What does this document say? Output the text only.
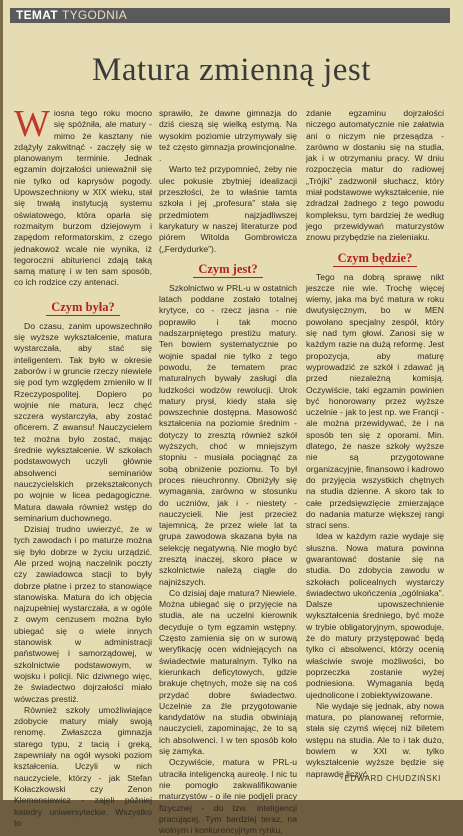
TEMAT TYGODNIA
Matura zmienną jest

Wiosna tego roku mocno się spóźniła, ale matury - mimo że kasztany nie zdążyły zakwitnąć - zaczęły się w planowanym terminie. Jednak egzamin dojrzałości unieważnił się nie tylko od kaprysów pogody. Upowszechniony w XIX wieku, stał się trwałą instytucją systemu oświatowego, która oparła się rozmaitym burzom dziejowym i zapędom reformatorskim, z czego jednakowoż wcale nie wynika, iż tegoroczni abiturienci zdają taką samą maturę i w ten sam sposób, co ich rodzice czy antenaci.

Czym była?

Do czasu, zanim upowszechniło się wyższe wykształcenie, matura wystarczała, aby stać się inteligentem. Tak było w okresie zaborów i w gruncie rzeczy niewiele się pod tym względem zmieniło w II Rzeczypospolitej. Dopiero po wojnie nie matura, lecz chęć szczera wystarczyła, aby zostać oficerem. Z awansu! Nauczycielem też można było zostać, mając średnie wykształcenie. W szkołach podstawowych uczyli głównie absolwenci seminariów nauczycielskich przekształconych po wojnie w licea pedagogiczne. Matura dawała również wstęp do seminarium duchownego.

Dzisiaj trudno uwierzyć, że w tych zawodach i po maturze można się było dobrze w życiu urządzić. Ale przed wojną naczelnik poczty czy zawiadowca stacji to były dobrze płatne i przez to stanowiące stanowiska. Matura do ich objęcia najzupełniej wystarczała, a w ogóle z owym cenzusem można było ubiegać się o wiele innych stanowisk w administracji państwowej i samorządowej, w szkolnictwie podstawowym, w wojsku i policji. Nic dziwnego więc, że świadectwo dojrzałości miało wówczas prestiż.

Również szkoły umożliwiające zdobycie matury miały swoją renomę. Zwłaszcza gimnazja starego typu, z tacią i greką, zapewniały na ogół wysoki poziom kształcenia. Uczyli w nich nauczyciele, którzy - jak Stefan Kołaczkowski czy Zenon Klemensiewicz - zajęli później katedry uniwersyteckie. Wszystko to

sprawiło, że dawne gimnazja do dziś cieszą się wielką estymą. Na wysokim poziomie utrzymywały się też często gimnazja prowincjonalne. .

Warto też przypomnieć, żeby nie ulec pokusie zbytniej idealizacji przeszłości, że to właśnie tamta szkoła i jej „profesura” stała się przedmiotem najzjadliwszej karykatury w naszej literaturze pod piórem Witolda Gombrowicza („Ferdydurke”).

Czym jest?

Szkolnictwo w PRL-u w ostatnich latach poddane zostało totalnej krytyce, co - rzecz jasna - nie poprawiło i tak mocno nadszarpniętego prestiżu matury. Ten bowiem systematycznie po wojnie spadał nie tylko z tego powodu, że tematem prac maturalnych bywały zasługi dla ludzkości wodzów rewolucji. Urok matury prysł, kiedy stała się powszechnie dostępna. Masowość kształcenia na poziomie średnim - dotyczy to zresztą również szkół wyższych, choć w mniejszym stopniu - musiała pociągnąć za sobą obniżenie poziomu. To był proces nieuchronny. Obniżyły się wymagania, zarówno w stosunku do uczniów, jak i - niestety - nauczycieli. Nie jest przecież tajemnicą, że przez wiele lat ta grupa zawodowa skazana była na selekcję negatywną. Nie mogło być zresztą inaczej, skoro płace w szkolnictwie należą ciągle do najniższych.

Co dzisiaj daje matura? Niewiele. Można ubiegać się o przyjęcie na studia, ale na uczelni kierownik decyduje o tym egzamin wstępny. Często zamienia się on w surową weryfikację ocen widniejących na świadectwie maturalnym. Tylko na kierunkach deficytowych, gdzie brakuje chętnych, może się na coś przydać dobre świadectwo. Uczelnie za źle przygotowanie kandydatów na studia obwiniają nauczycieli, zapominając, że to są ich absolwenci. I w ten sposób koło się zamyka.

Oczywiście, matura w PRL-u utraciła inteligencką aureolę. I nic tu nie pomogło zakwalifikowanie maturzystów - o ile nie podjęli pracy fizycznej - do tzw. inteligencji pracującej. Tym bardziej teraz, na wolnym i konkurencyjnym rynku,

zdanie egzaminu dojrzałości niczego automatycznie nie załatwia ani o niczym nie przesądza - zarówno w dostaniu się na studia, jak i w otrzymaniu pracy. W dniu rozpoczęcia matur do radiowej „Trójki” zadzwonił słuchacz, który miał podstawowe wykształcenie, nie zdradzał żadnego z tego powodu kompleksu, tym bardziej że według jego przewidywań maturzystów znowu przybędzie na zieleniaku.

Czym będzie?

Tego na dobrą sprawę nikt jeszcze nie wie. Trochę więcej wiemy, jaka ma być matura w roku dwutysięcznym, bo w MEN powołano specjalny zespół, który się nad tym głowi. Zanosi się w każdym razie na dużą reformę. Jest propozycja, aby maturę wyprowadzić ze szkół i zdawać ją przed niezależną komisją. Oczywiście, taki egzamin powinien być honorowany przez wyższe uczelnie - jak to jest np. we Francji - ale można przewidywać, że i na sposób ten się z oporami. Min. dlatego, że nasze szkoły wyższe nie są przygotowane organizacyjnie, finansowo i kadrowo do przyjęcia wszystkich chętnych na studia dzienne. A skoro tak to całe przedsięwzięcie zmierzające do nadania maturze większej rangi straci sens.

Idea w każdym razie wydaje się słuszna. Nowa matura powinna gwarantować dostanie się na studia. Do zdobycia zawodu w szkołach policealnych wystarczy świadectwo ukończenia „ogólniaka”. Dalsze upowszechnienie wykształcenia średniego, być może w trybie obligatoryjnym, spowoduje, że do matury przystępować będą tylko ci absolwenci, którzy ocenią właściwie swoje możliwości, bo poprzeczka zostanie wyżej podniesiona. Wymagania będą ujednolicone i zobiektywizowane.

Nie wydaje się jednak, aby nowa matura, po planowanej reformie, stała się czymś więcej niż biletem wstępu na studia. Ale to i tak dużo, bowiem w XXI w. tylko wykształcenie wyższe będzie się naprawdę liczyć.

EDWARD CHUDZIŃSKI
